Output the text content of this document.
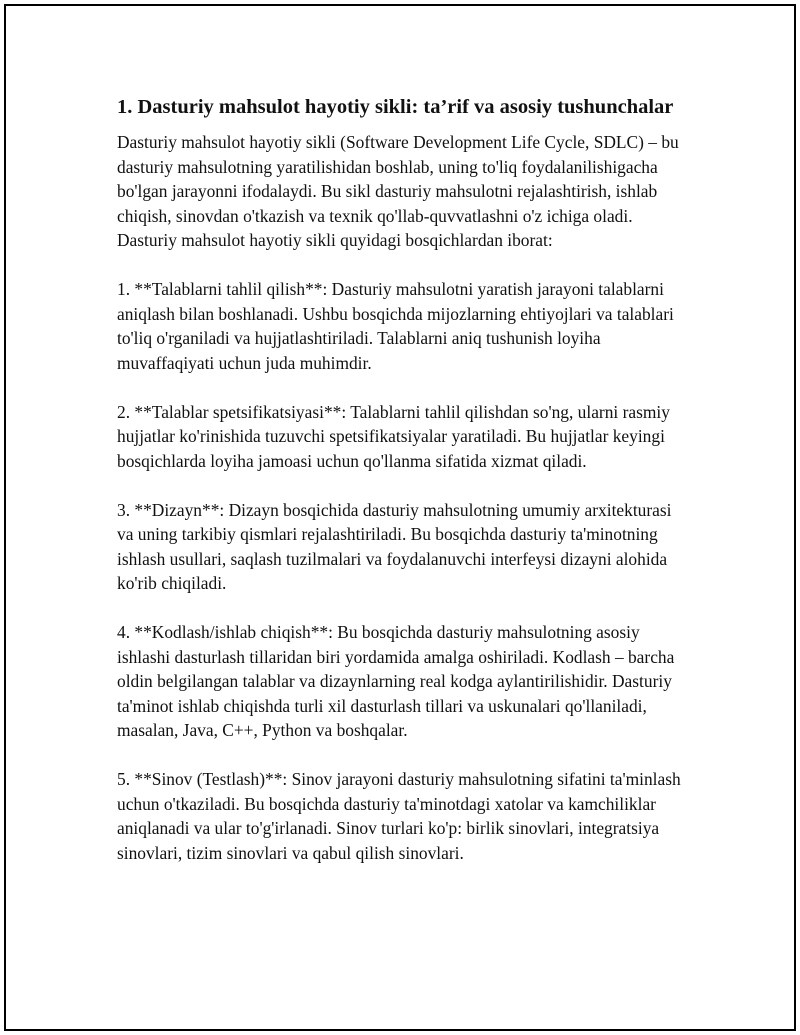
1. Dasturiy mahsulot hayotiy sikli: ta’rif va asosiy tushunchalar

Dasturiy mahsulot hayotiy sikli (Software Development Life Cycle, SDLC) – bu dasturiy mahsulotning yaratilishidan boshlab, uning to'liq foydalanilishigacha bo'lgan jarayonni ifodalaydi. Bu sikl dasturiy mahsulotni rejalashtirish, ishlab chiqish, sinovdan o'tkazish va texnik qo'llab-quvvatlashni o'z ichiga oladi. Dasturiy mahsulot hayotiy sikli quyidagi bosqichlardan iborat:

1. **Talablarni tahlil qilish**: Dasturiy mahsulotni yaratish jarayoni talablarni aniqlash bilan boshlanadi. Ushbu bosqichda mijozlarning ehtiyojlari va talablari to'liq o'rganiladi va hujjatlashtiriladi. Talablarni aniq tushunish loyiha muvaffaqiyati uchun juda muhimdir.

2. **Talablar spetsifikatsiyasi**: Talablarni tahlil qilishdan so'ng, ularni rasmiy hujjatlar ko'rinishida tuzuvchi spetsifikatsiyalar yaratiladi. Bu hujjatlar keyingi bosqichlarda loyiha jamoasi uchun qo'llanma sifatida xizmat qiladi.

3. **Dizayn**: Dizayn bosqichida dasturiy mahsulotning umumiy arxitekturasi va uning tarkibiy qismlari rejalashtiriladi. Bu bosqichda dasturiy ta'minotning ishlash usullari, saqlash tuzilmalari va foydalanuvchi interfeysi dizayni alohida ko'rib chiqiladi.

4. **Kodlash/ishlab chiqish**: Bu bosqichda dasturiy mahsulotning asosiy ishlashi dasturlash tillaridan biri yordamida amalga oshiriladi. Kodlash – barcha oldin belgilangan talablar va dizaynlarning real kodga aylantirilishidir. Dasturiy ta'minot ishlab chiqishda turli xil dasturlash tillari va uskunalari qo'llaniladi, masalan, Java, C++, Python va boshqalar.

5. **Sinov (Testlash)**: Sinov jarayoni dasturiy mahsulotning sifatini ta'minlash uchun o'tkaziladi. Bu bosqichda dasturiy ta'minotdagi xatolar va kamchiliklar aniqlanadi va ular to'g'irlanadi. Sinov turlari ko'p: birlik sinovlari, integratsiya sinovlari, tizim sinovlari va qabul qilish sinovlari.
